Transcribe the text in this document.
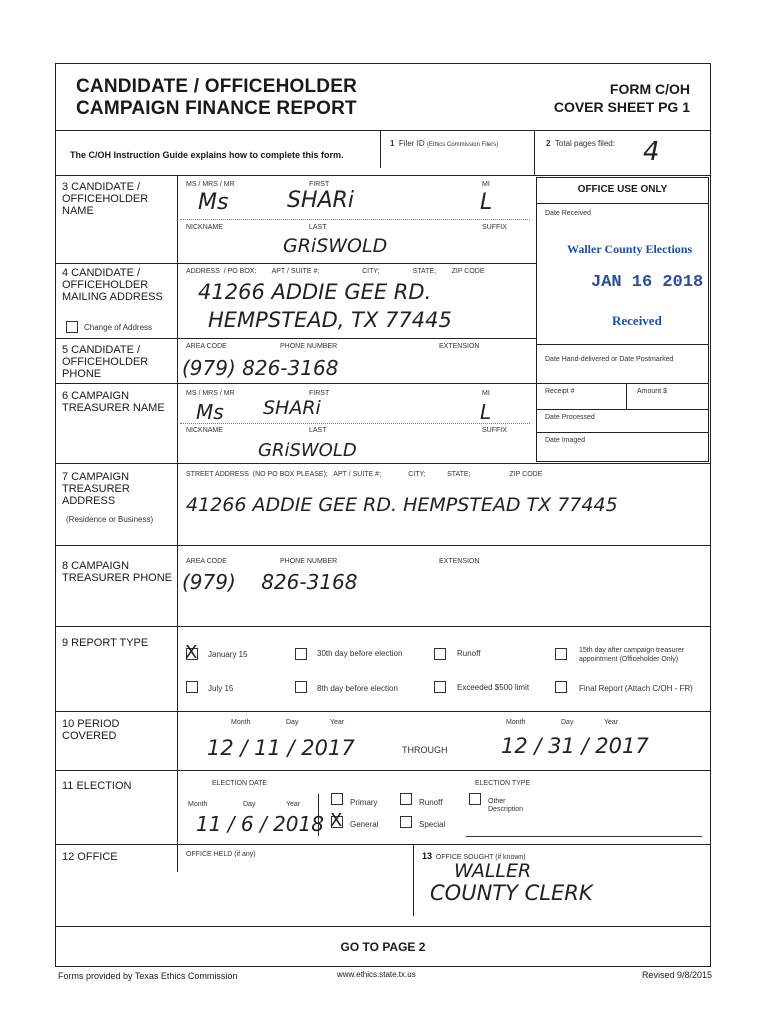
CANDIDATE / OFFICEHOLDER
CAMPAIGN FINANCE REPORT
FORM C/OH
COVER SHEET PG 1
The C/OH Instruction Guide explains how to complete this form.
1 Filer ID (Ethics Commission Filers)	2 Total pages filed: 4
OFFICE USE ONLY
Date Received
Waller County Elections
JAN 16 2018
Received
Date Hand-delivered or Date Postmarked
Receipt #	Amount $
Date Processed
Date Imaged
3 CANDIDATE / OFFICEHOLDER NAME
MS / MRS / MR	FIRST	MI
Ms	SHARi	L
NICKNAME	LAST	SUFFIX
GRiSWOLD
4 CANDIDATE / OFFICEHOLDER MAILING ADDRESS
Change of Address
ADDRESS  / PO BOX;        APT / SUITE #;                      CITY;                 STATE;        ZIP CODE
41266 ADDIE GEE RD.
HEMPSTEAD, TX 77445
5 CANDIDATE / OFFICEHOLDER PHONE
AREA CODE	PHONE NUMBER	EXTENSION
(979) 826-3168
6 CAMPAIGN TREASURER NAME
MS / MRS / MR	FIRST	MI
Ms SHARi	L
NICKNAME	LAST	SUFFIX
GRiSWOLD
7 CAMPAIGN TREASURER ADDRESS
(Residence or Business)
STREET ADDRESS  (NO PO BOX PLEASE);   APT / SUITE #;              CITY;           STATE;                    ZIP CODE
41266 ADDIE GEE RD. HEMPSTEAD TX 77445
8 CAMPAIGN TREASURER PHONE
AREA CODE	PHONE NUMBER	EXTENSION
(979)    826-3168
9 REPORT TYPE	X January 15	30th day before election	Runoff	15th day after campaign treasurer appointment (Officeholder Only)
July 15	8th day before election	Exceeded $500 limit	Final Report (Attach C/OH - FR)
10 PERIOD COVERED
Month	Day	Year
12 / 11 / 2017	THROUGH
Month	Day	Year
12 / 31 / 2017
11 ELECTION	ELECTION DATE	ELECTION TYPE
Month	Day	Year
11 / 6 / 2018
Primary
X General
Runoff
Special
Other Description
12 OFFICE	OFFICE HELD (if any)	13 OFFICE SOUGHT (if known)
WALLER
COUNTY CLERK
GO TO PAGE 2
Forms provided by Texas Ethics Commission	www.ethics.state.tx.us	Revised 9/8/2015
